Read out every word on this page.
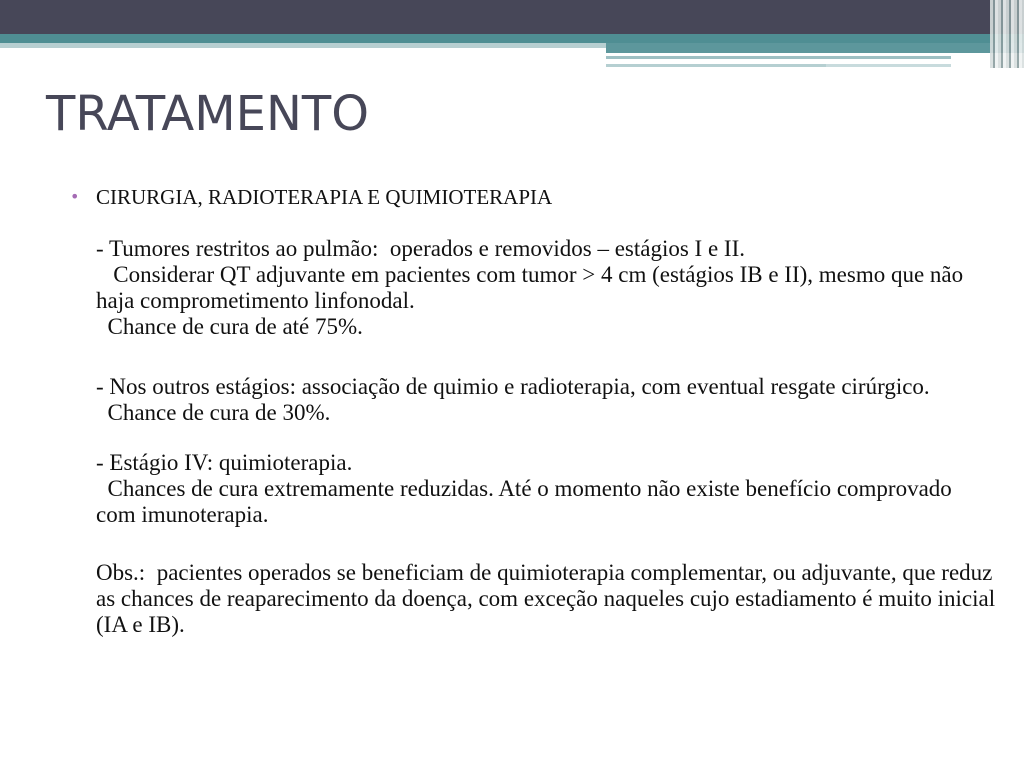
TRATAMENTO
• CIRURGIA, RADIOTERAPIA E QUIMIOTERAPIA

- Tumores restritos ao pulmão:  operados e removidos – estágios I e II.

Considerar QT adjuvante em pacientes com tumor > 4 cm (estágios IB e II), mesmo que não haja comprometimento linfonodal.

Chance de cura de até 75%.

- Nos outros estágios: associação de quimio e radioterapia, com eventual resgate cirúrgico.

Chance de cura de 30%.

- Estágio IV: quimioterapia.

Chances de cura extremamente reduzidas. Até o momento não existe benefício comprovado com imunoterapia.

Obs.:  pacientes operados se beneficiam de quimioterapia complementar, ou adjuvante, que reduz as chances de reaparecimento da doença, com exceção naqueles cujo estadiamento é muito inicial (IA e IB).
